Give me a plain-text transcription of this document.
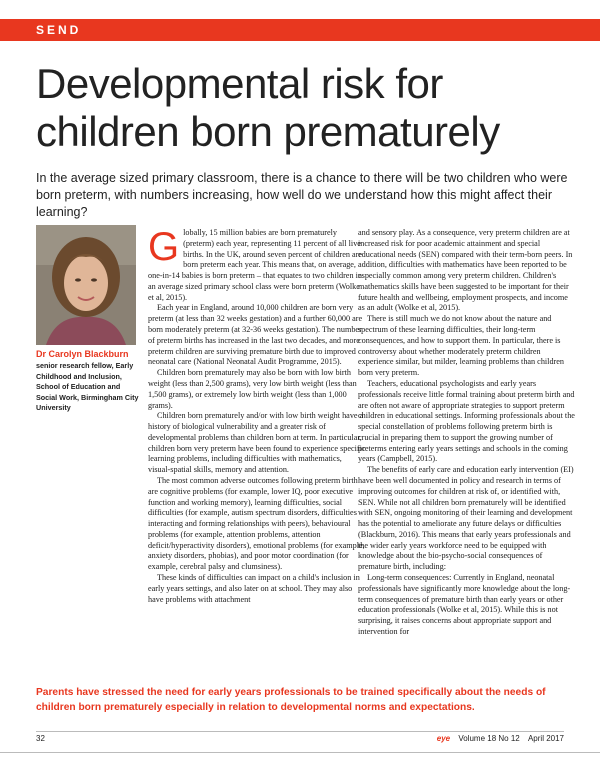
SEND
Developmental risk for
children born prematurely

In the average sized primary classroom, there is a chance to there will be two children who were born preterm, with numbers increasing, how well do we understand how this might affect their learning?

Dr Carolyn Blackburn

senior research fellow, Early Childhood and Inclusion, School of Education and Social Work, Birmingham City University

Globally, 15 million babies are born prematurely (preterm) each year, representing 11 percent of all live births. In the UK, around seven percent of children are born preterm each year. This means that, on average, one-in-14 babies is born preterm – that equates to two children in an average sized primary school class were born preterm (Wolke et al, 2015).

Each year in England, around 10,000 children are born very preterm (at less than 32 weeks gestation) and a further 60,000 are born moderately preterm (at 32-36 weeks gestation). The number of preterm births has increased in the last two decades, and more preterm children are surviving premature birth due to improved neonatal care (National Neonatal Audit Programme, 2015).

Children born prematurely may also be born with low birth weight (less than 2,500 grams), very low birth weight (less than 1,500 grams), or extremely low birth weight (less than 1,000 grams).

Children born prematurely and/or with low birth weight have a history of biological vulnerability and a greater risk of developmental problems than children born at term. In particular, children born very preterm have been found to experience specific learning problems, including difficulties with mathematics, visual-spatial skills, memory and attention.

The most common adverse outcomes following preterm birth are cognitive problems (for example, lower IQ, poor executive function and working memory), learning difficulties, social difficulties (for example, autism spectrum disorders, difficulties interacting and forming relationships with peers), behavioural problems (for example, attention problems, attention deficit/hyperactivity disorders), emotional problems (for example, anxiety disorders, phobias), and poor motor coordination (for example, cerebral palsy and clumsiness).

These kinds of difficulties can impact on a child's inclusion in early years settings, and also later on at school. They may also have problems with attachment

and sensory play. As a consequence, very preterm children are at increased risk for poor academic attainment and special educational needs (SEN) compared with their term-born peers. In addition, difficulties with mathematics have been reported to be especially common among very preterm children. Children's mathematics skills have been suggested to be important for their future health and wellbeing, employment prospects, and income as an adult (Wolke et al, 2015).

There is still much we do not know about the nature and spectrum of these learning difficulties, their long-term consequences, and how to support them. In particular, there is controversy about whether moderately preterm children experience similar, but milder, learning problems than children born very preterm.

Teachers, educational psychologists and early years professionals receive little formal training about preterm birth and are often not aware of appropriate strategies to support preterm children in educational settings. Informing professionals about the special constellation of problems following preterm birth is crucial in preparing them to support the growing number of preterms entering early years settings and schools in the coming years (Campbell, 2015).

The benefits of early care and education early intervention (EI) have been well documented in policy and research in terms of improving outcomes for children at risk of, or identified with, SEN. While not all children born prematurely will be identified with SEN, ongoing monitoring of their learning and development has the potential to ameliorate any future delays or difficulties (Blackburn, 2016). This means that early years professionals and the wider early years workforce need to be equipped with knowledge about the bio-psycho-social consequences of premature birth, including:

Long-term consequences: Currently in England, neonatal professionals have significantly more knowledge about the long-term consequences of premature birth than early years or other education professionals (Wolke et al, 2015). While this is not surprising, it raises concerns about appropriate support and intervention for

Parents have stressed the need for early years professionals to be trained specifically about the needs of children born prematurely especially in relation to developmental norms and expectations.

32	eye Volume 18 No 12 April 2017
